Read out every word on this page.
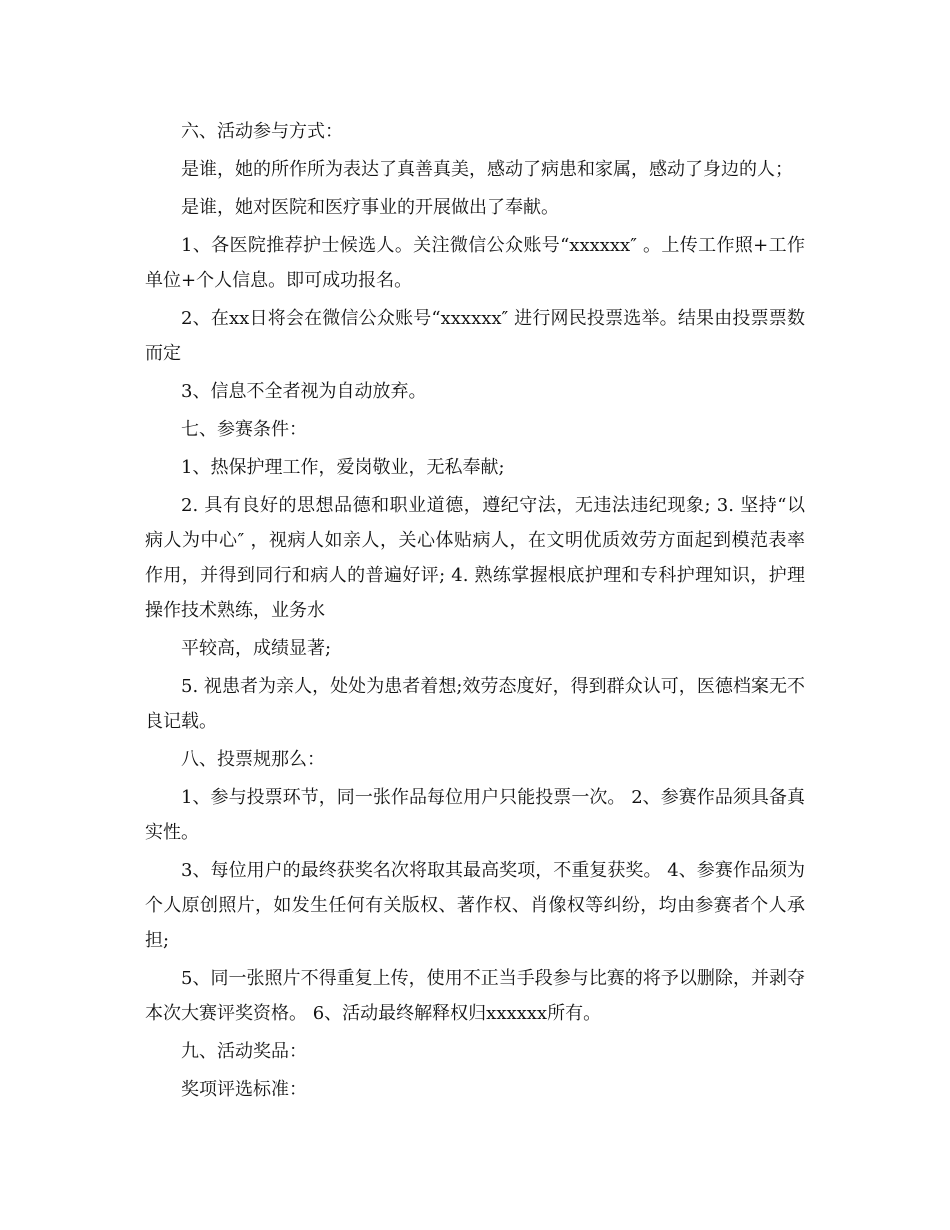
六、活动参与方式：

是谁，她的所作所为表达了真善真美，感动了病患和家属，感动了身边的人；

是谁，她对医院和医疗事业的开展做出了奉献。

1、各医院推荐护士候选人。关注微信公众账号“xxxxxx″ 。上传工作照+工作单位+个人信息。即可成功报名。

2、在xx日将会在微信公众账号“xxxxxx″ 进行网民投票选举。结果由投票票数而定

3、信息不全者视为自动放弃。

七、参赛条件：

1、热保护理工作，爱岗敬业，无私奉献;

2. 具有良好的思想品德和职业道德，遵纪守法，无违法违纪现象; 3. 坚持“以病人为中心″ ，视病人如亲人，关心体贴病人，在文明优质效劳方面起到模范表率作用，并得到同行和病人的普遍好评; 4. 熟练掌握根底护理和专科护理知识，护理操作技术熟练，业务水

平较高，成绩显著;

5. 视患者为亲人，处处为患者着想;效劳态度好，得到群众认可，医德档案无不良记载。

八、投票规那么：

1、参与投票环节，同一张作品每位用户只能投票一次。 2、参赛作品须具备真实性。

3、每位用户的最终获奖名次将取其最高奖项，不重复获奖。 4、参赛作品须为个人原创照片，如发生任何有关版权、著作权、肖像权等纠纷，均由参赛者个人承担;

5、同一张照片不得重复上传，使用不正当手段参与比赛的将予以删除，并剥夺本次大赛评奖资格。 6、活动最终解释权归xxxxxx所有。

九、活动奖品：

奖项评选标准：
